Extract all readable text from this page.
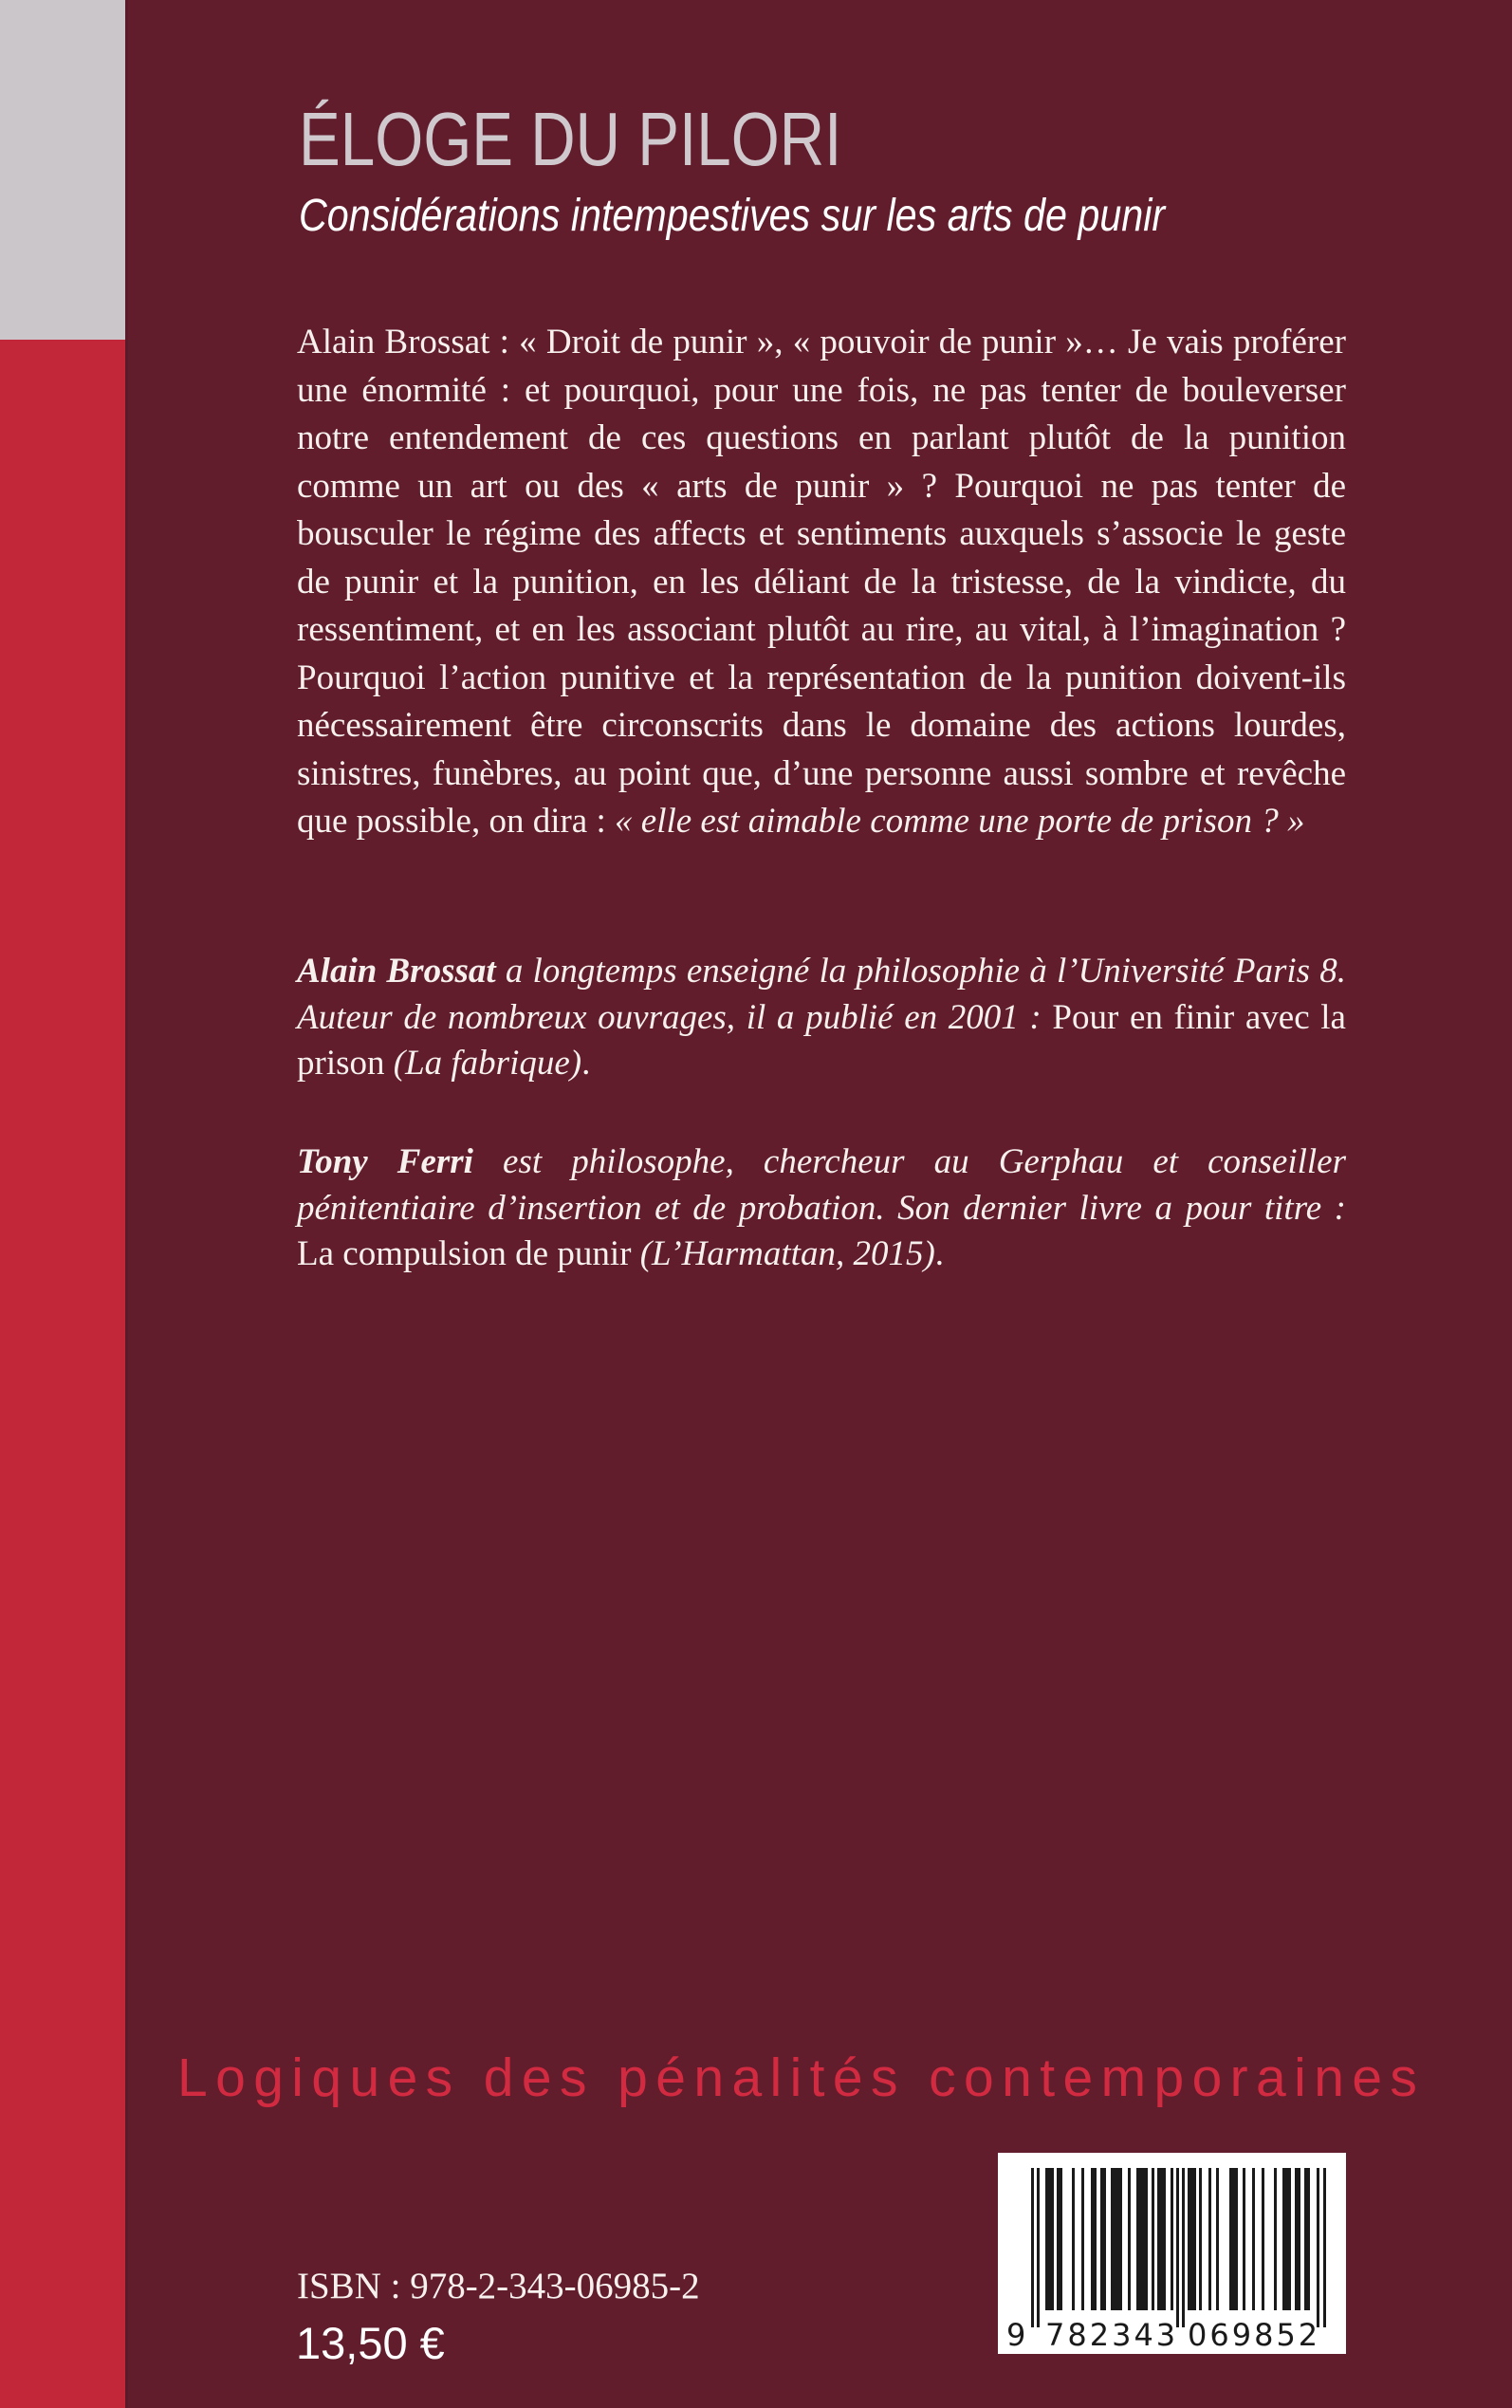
ÉLOGE DU PILORI
Considérations intempestives sur les arts de punir

Alain Brossat : « Droit de punir », « pouvoir de punir »… Je vais proférer une énormité : et pourquoi, pour une fois, ne pas tenter de bouleverser notre entendement de ces questions en parlant plutôt de la punition comme un art ou des « arts de punir » ? Pourquoi ne pas tenter de bousculer le régime des affects et sentiments auxquels s’associe le geste de punir et la punition, en les déliant de la tristesse, de la vindicte, du ressentiment, et en les associant plutôt au rire, au vital, à l’imagination ? Pourquoi l’action punitive et la représentation de la punition doivent-ils nécessairement être circonscrits dans le domaine des actions lourdes, sinistres, funèbres, au point que, d’une personne aussi sombre et revêche que possible, on dira : « elle est aimable comme une porte de prison ? »

Alain Brossat a longtemps enseigné la philosophie à l’Université Paris 8. Auteur de nombreux ouvrages, il a publié en 2001 : Pour en finir avec la prison (La fabrique).

Tony Ferri est philosophe, chercheur au Gerphau et conseiller pénitentiaire d’insertion et de probation. Son dernier livre a pour titre : La compulsion de punir (L’Harmattan, 2015).

Logiques des pénalités contemporaines
ISBN : 978-2-343-06985-2
13,50 €	9 782343 069852
